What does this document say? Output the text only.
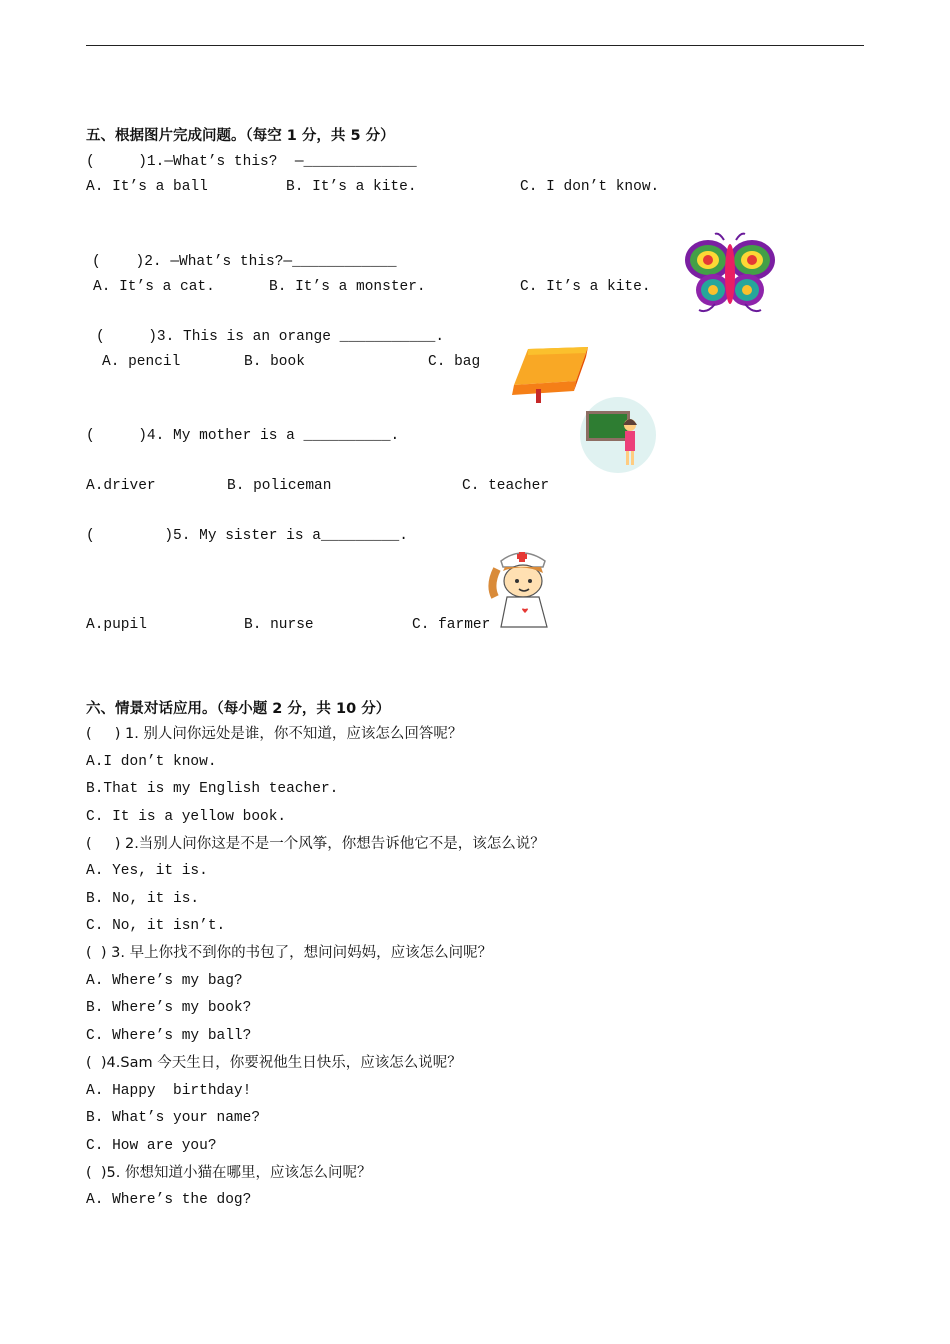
五、根据图片完成问题。（每空 1 分，共 5 分）
(     )1.—What’s this?  —_____________
A. It’s a ball	B. It’s a kite.	C. I don’t know.
(    )2. —What’s this?—____________
A. It’s a cat.	B. It’s a monster.	C. It’s a kite.
(     )3. This is an orange ___________.
A. pencil	B. book	C. bag
(     )4. My mother is a __________.
A.driver	B. policeman	C. teacher
(        )5. My sister is a_________.
A.pupil	B. nurse	C. farmer
六、情景对话应用。（每小题 2 分，共 10 分）
(     ) 1. 别人问你远处是谁，你不知道，应该怎么回答呢？
A.I don’t know.
B.That is my English teacher.
C. It is a yellow book.
(     ) 2.当别人问你这是不是一个风筝，你想告诉他它不是，该怎么说？
A. Yes, it is.
B. No, it is.
C. No, it isn’t.
(  ) 3. 早上你找不到你的书包了，想问问妈妈，应该怎么问呢？
A. Where’s my bag?
B. Where’s my book?
C. Where’s my ball?
(  )4.Sam 今天生日，你要祝他生日快乐，应该怎么说呢？
A. Happy  birthday!
B. What’s your name?
C. How are you?
(  )5. 你想知道小猫在哪里，应该怎么问呢？
A. Where’s the dog?
